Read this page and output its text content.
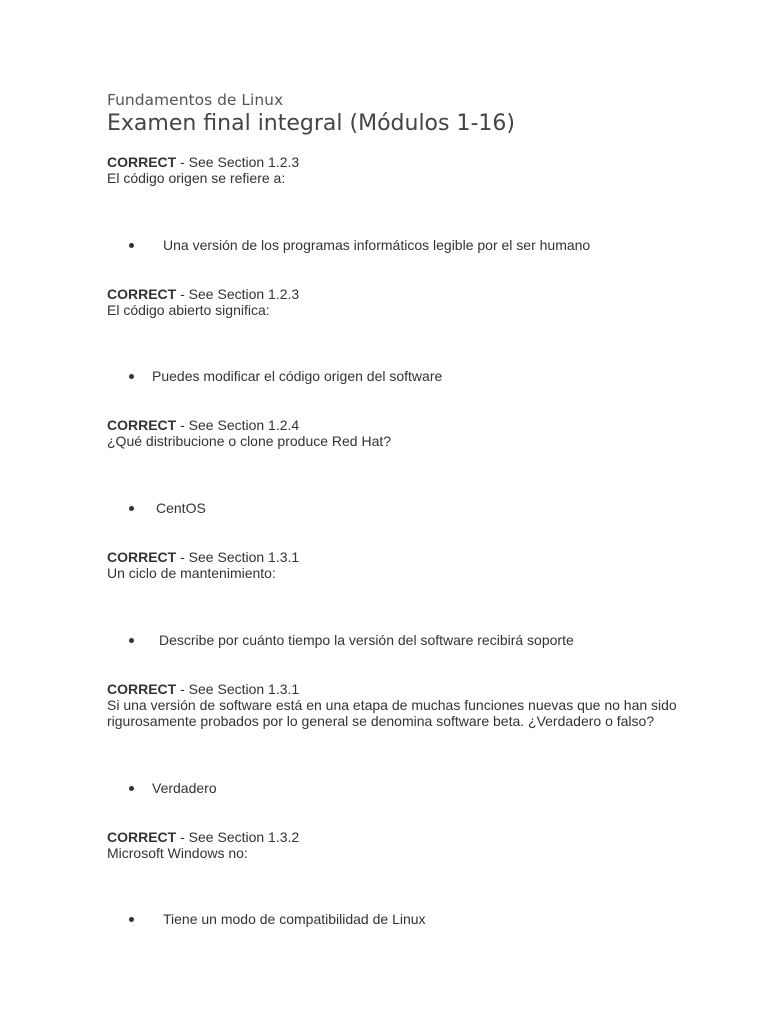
Fundamentos de Linux
Examen final integral (Módulos 1-16)
CORRECT - See Section 1.2.3
El código origen se refiere a:
Una versión de los programas informáticos legible por el ser humano
CORRECT - See Section 1.2.3
El código abierto significa:
Puedes modificar el código origen del software
CORRECT - See Section 1.2.4
¿Qué distribucione o clone produce Red Hat?
CentOS
CORRECT - See Section 1.3.1
Un ciclo de mantenimiento:
Describe por cuánto tiempo la versión del software recibirá soporte
CORRECT - See Section 1.3.1
Si una versión de software está en una etapa de muchas funciones nuevas que no han sido rigurosamente probados por lo general se denomina software beta. ¿Verdadero o falso?
Verdadero
CORRECT - See Section 1.3.2
Microsoft Windows no:
Tiene un modo de compatibilidad de Linux
